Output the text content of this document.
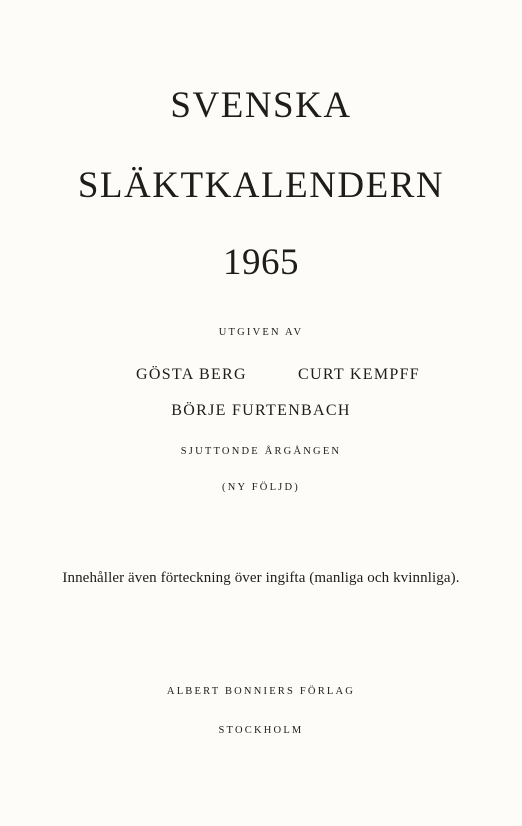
SVENSKA
SLÄKTKALENDERN
1965
UTGIVEN AV
GÖSTA BERG	CURT KEMPFF
BÖRJE FURTENBACH
SJUTTONDE ÅRGÅNGEN
(NY FÖLJD)
Innehåller även förteckning över ingifta (manliga och kvinnliga).
ALBERT BONNIERS FÖRLAG
STOCKHOLM
